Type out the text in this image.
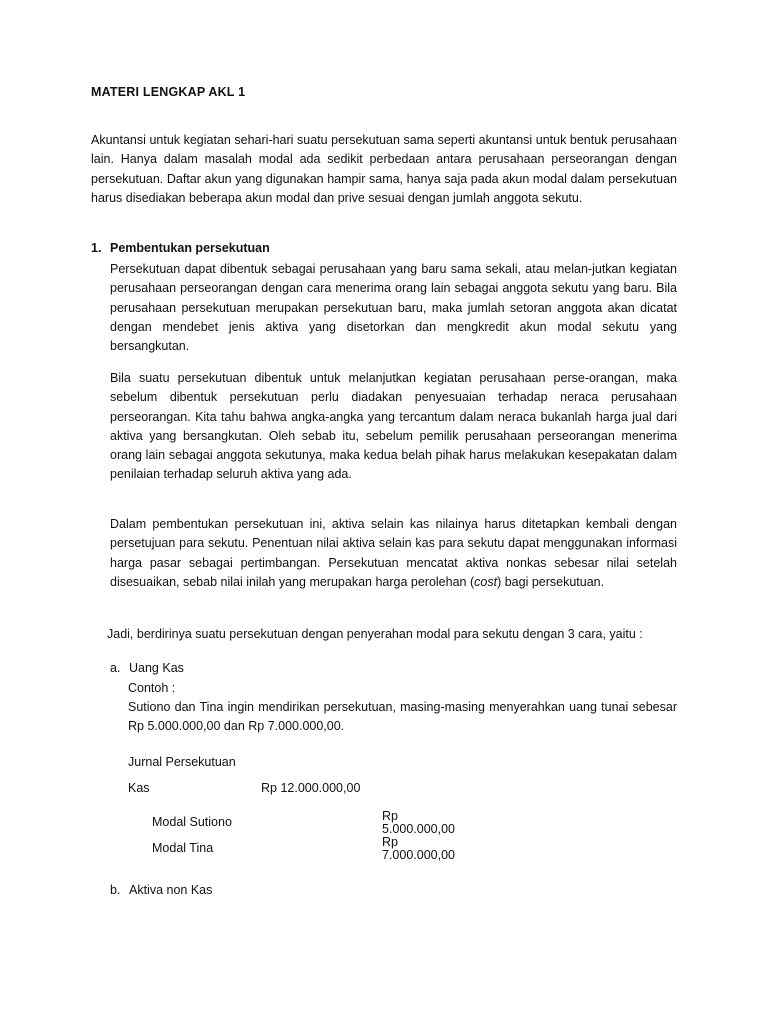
MATERI LENGKAP AKL 1
Akuntansi untuk kegiatan sehari-hari suatu persekutuan sama seperti akuntansi untuk bentuk perusahaan lain. Hanya dalam masalah modal ada sedikit perbedaan antara perusahaan perseorangan dengan persekutuan. Daftar akun yang digunakan hampir sama, hanya saja pada akun modal dalam persekutuan harus disediakan beberapa akun modal dan prive sesuai dengan jumlah anggota sekutu.
1. Pembentukan persekutuan
Persekutuan dapat dibentuk sebagai perusahaan yang baru sama sekali, atau melan-jutkan kegiatan perusahaan perseorangan dengan cara menerima orang lain sebagai anggota sekutu yang baru. Bila perusahaan persekutuan merupakan persekutuan baru, maka jumlah setoran anggota akan dicatat dengan mendebet jenis aktiva yang disetorkan dan mengkredit akun modal sekutu yang bersangkutan.
Bila suatu persekutuan dibentuk untuk melanjutkan kegiatan perusahaan perse-orangan, maka sebelum dibentuk persekutuan perlu diadakan penyesuaian terhadap neraca perusahaan perseorangan. Kita tahu bahwa angka-angka yang tercantum dalam neraca bukanlah harga jual dari aktiva yang bersangkutan. Oleh sebab itu, sebelum pemilik perusahaan perseorangan menerima orang lain sebagai anggota sekutunya, maka kedua belah pihak harus melakukan kesepakatan dalam penilaian terhadap seluruh aktiva yang ada.
Dalam pembentukan persekutuan ini, aktiva selain kas nilainya harus ditetapkan kembali dengan persetujuan para sekutu. Penentuan nilai aktiva selain kas para sekutu dapat menggunakan informasi harga pasar sebagai pertimbangan. Persekutuan mencatat aktiva nonkas sebesar nilai setelah disesuaikan, sebab nilai inilah yang merupakan harga perolehan (cost) bagi persekutuan.
Jadi, berdirinya suatu persekutuan dengan penyerahan modal para sekutu dengan 3 cara, yaitu :
a. Uang Kas
Contoh :
Sutiono dan Tina ingin mendirikan persekutuan, masing-masing menyerahkan uang tunai sebesar Rp 5.000.000,00 dan Rp 7.000.000,00.
Jurnal Persekutuan
Kas	Rp 12.000.000,00
Modal Sutiono	Rp
5.000.000,00
Modal Tina	Rp
7.000.000,00
b. Aktiva non Kas
